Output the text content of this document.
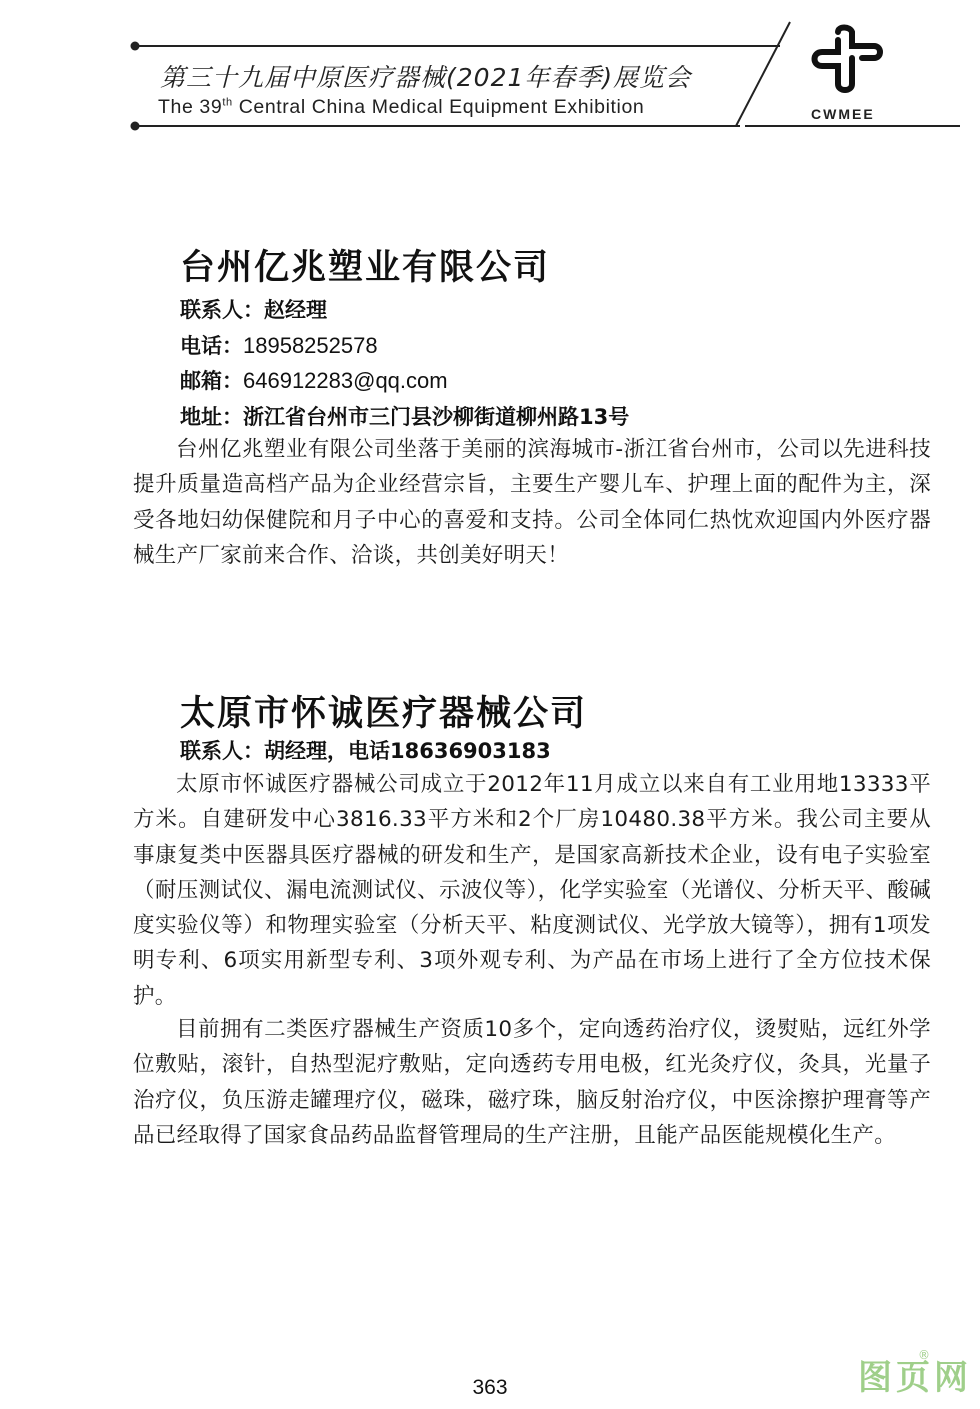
第三十九届中原医疗器械(2021年春季)展览会
The 39th Central China Medical Equipment Exhibition	CWMEE
台州亿兆塑业有限公司
联系人：赵经理
电话：18958252578
邮箱：646912283@qq.com
地址：浙江省台州市三门县沙柳街道柳州路13号

台州亿兆塑业有限公司坐落于美丽的滨海城市-浙江省台州市，公司以先进科技提升质量造高档产品为企业经营宗旨，主要生产婴儿车、护理上面的配件为主，深受各地妇幼保健院和月子中心的喜爱和支持。公司全体同仁热忱欢迎国内外医疗器械生产厂家前来合作、洽谈，共创美好明天！

太原市怀诚医疗器械公司
联系人：胡经理，电话18636903183

太原市怀诚医疗器械公司成立于2012年11月成立以来自有工业用地13333平方米。自建研发中心3816.33平方米和2个厂房10480.38平方米。我公司主要从事康复类中医器具医疗器械的研发和生产，是国家高新技术企业，设有电子实验室（耐压测试仪、漏电流测试仪、示波仪等），化学实验室（光谱仪、分析天平、酸碱度实验仪等）和物理实验室（分析天平、粘度测试仪、光学放大镜等），拥有1项发明专利、6项实用新型专利、3项外观专利、为产品在市场上进行了全方位技术保护。

目前拥有二类医疗器械生产资质10多个，定向透药治疗仪，烫熨贴，远红外学位敷贴，滚针，自热型泥疗敷贴，定向透药专用电极，红光灸疗仪，灸具，光量子治疗仪，负压游走罐理疗仪，磁珠，磁疗珠，脑反射治疗仪，中医涂擦护理膏等产品已经取得了国家食品药品监督管理局的生产注册，且能产品医能规模化生产。

363	图页网
®
